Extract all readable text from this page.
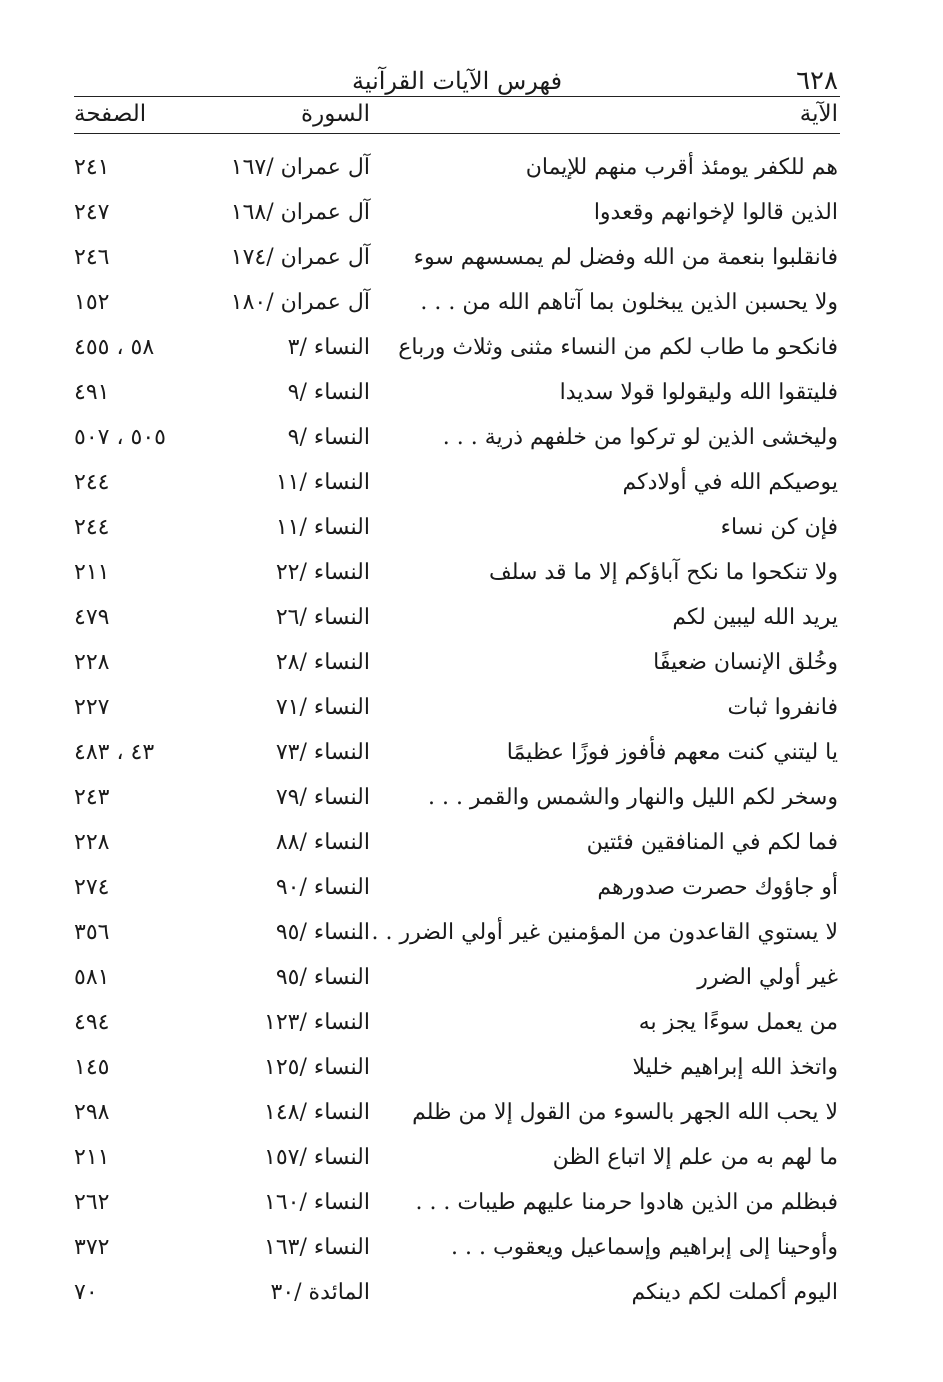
٦٢٨
فهرس الآيات القرآنية
الآية
السورة
الصفحة
هم للكفر يومئذ أقرب منهم للإيمان
آل عمران /١٦٧
٢٤١
الذين قالوا لإخوانهم وقعدوا
آل عمران /١٦٨
٢٤٧
فانقلبوا بنعمة من الله وفضل لم يمسسهم سوء
آل عمران /١٧٤
٢٤٦
ولا يحسبن الذين يبخلون بما آتاهم الله من . . .
آل عمران /١٨٠
١٥٢
فانكحو ما طاب لكم من النساء مثنى وثلاث ورباع
النساء /٣
٥٨ ، ٤٥٥
فليتقوا الله وليقولوا قولا سديدا
النساء /٩
٤٩١
وليخشى الذين لو تركوا من خلفهم ذرية . . .
النساء /٩
٥٠٥ ، ٥٠٧
يوصيكم الله في أولادكم
النساء /١١
٢٤٤
فإن كن نساء
النساء /١١
٢٤٤
ولا تنكحوا ما نكح آباؤكم إلا ما قد سلف
النساء /٢٢
٢١١
يريد الله ليبين لكم
النساء /٢٦
٤٧٩
وخُلق الإنسان ضعيفًا
النساء /٢٨
٢٢٨
فانفروا ثبات
النساء /٧١
٢٢٧
يا ليتني كنت معهم فأفوز فوزًا عظيمًا
النساء /٧٣
٤٣ ، ٤٨٣
وسخر لكم الليل والنهار والشمس والقمر . . .
النساء /٧٩
٢٤٣
فما لكم في المنافقين فئتين
النساء /٨٨
٢٢٨
أو جاؤوك حصرت صدورهم
النساء /٩٠
٢٧٤
لا يستوي القاعدون من المؤمنين غير أولي الضرر . . .
النساء /٩٥
٣٥٦
غير أولي الضرر
النساء /٩٥
٥٨١
من يعمل سوءًا يجز به
النساء /١٢٣
٤٩٤
واتخذ الله إبراهيم خليلا
النساء /١٢٥
١٤٥
لا يحب الله الجهر بالسوء من القول إلا من ظلم
النساء /١٤٨
٢٩٨
ما لهم به من علم إلا اتباع الظن
النساء /١٥٧
٢١١
فبظلم من الذين هادوا حرمنا عليهم طيبات . . .
النساء /١٦٠
٢٦٢
وأوحينا إلى إبراهيم وإسماعيل ويعقوب . . .
النساء /١٦٣
٣٧٢
اليوم أكملت لكم دينكم
المائدة /٣٠
٧٠
